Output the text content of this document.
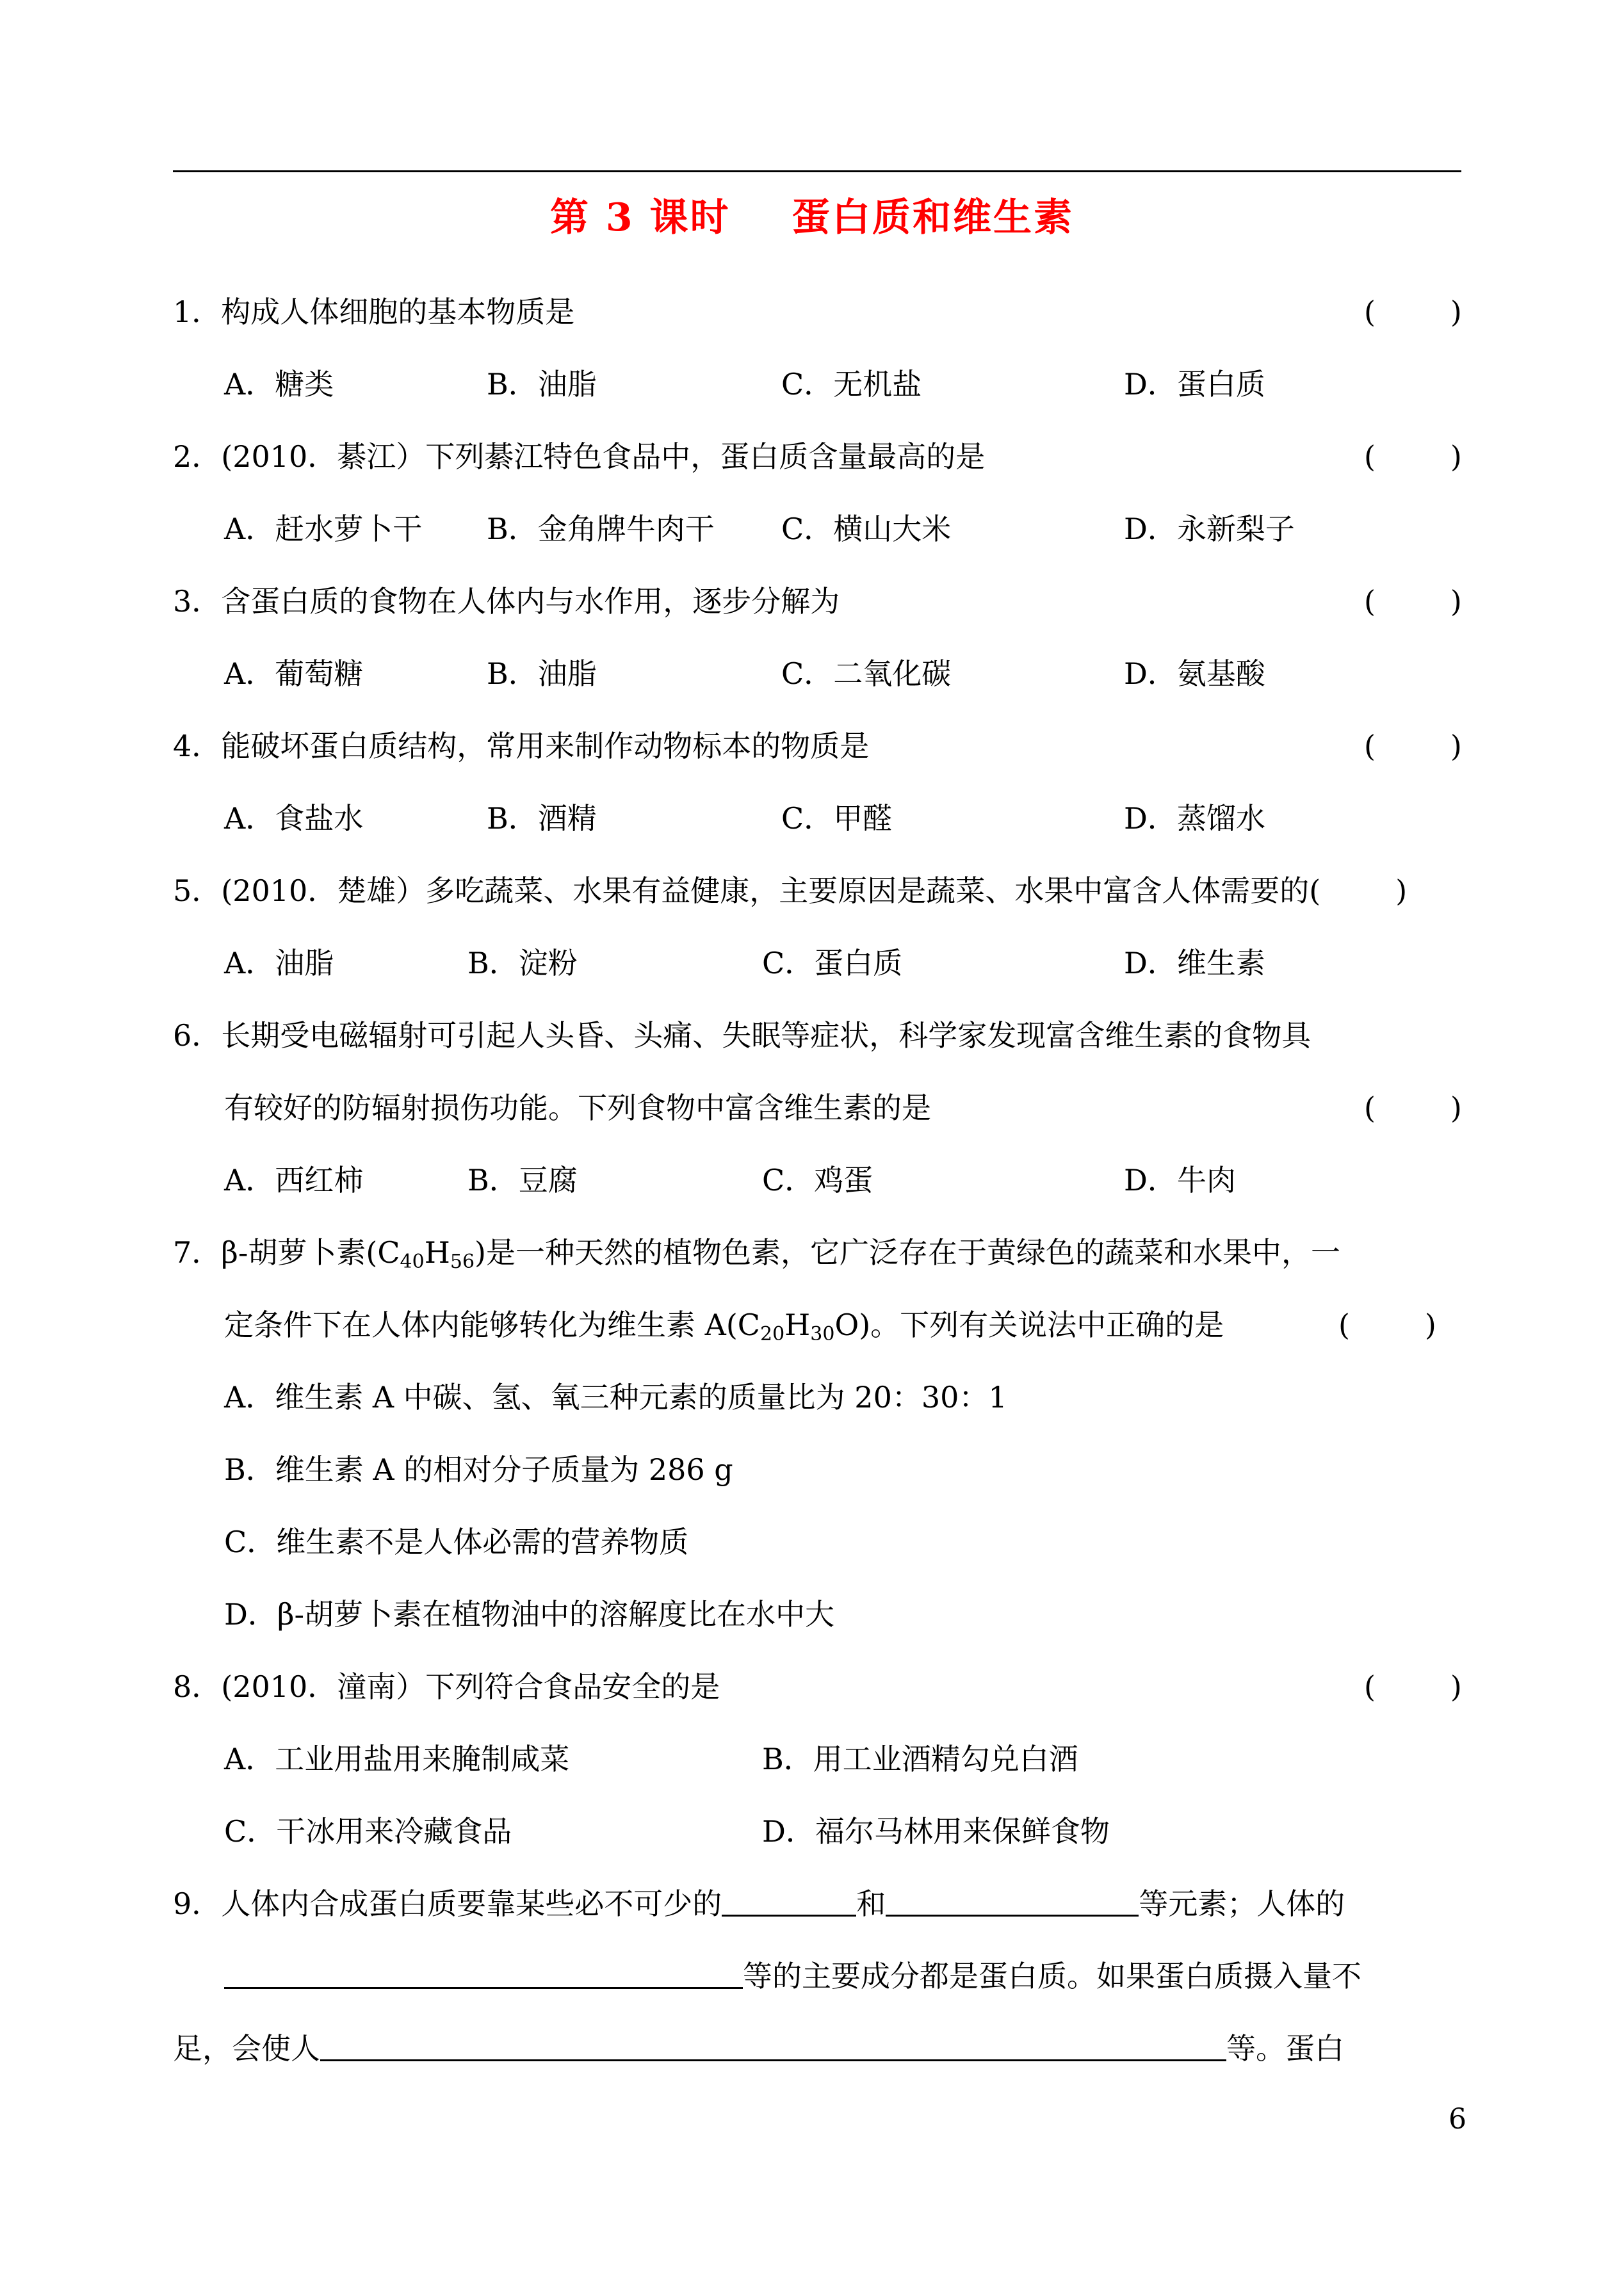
第 3 课时    蛋白质和维生素
1．构成人体细胞的基本物质是	(        )
A．糖类	B．油脂	C．无机盐	D．蛋白质
2．(2010．綦江）下列綦江特色食品中，蛋白质含量最高的是	(        )
A．赶水萝卜干 B．金角牌牛肉干 C．横山大米	D．永新梨子
3．含蛋白质的食物在人体内与水作用，逐步分解为	(        )
A．葡萄糖	B．油脂	C．二氧化碳	D．氨基酸
4．能破坏蛋白质结构，常用来制作动物标本的物质是	(        )
A．食盐水	B．酒精	C．甲醛	D．蒸馏水
5．(2010．楚雄）多吃蔬菜、水果有益健康，主要原因是蔬菜、水果中富含人体需要的(        )
A．油脂	B．淀粉	C．蛋白质	D．维生素
6．长期受电磁辐射可引起人头昏、头痛、失眠等症状，科学家发现富含维生素的食物具
有较好的防辐射损伤功能。下列食物中富含维生素的是	(        )
A．西红柿	B．豆腐	C．鸡蛋	D．牛肉
7．β-胡萝卜素$(C_{40}H_{56})$是一种天然的植物色素，它广泛存在于黄绿色的蔬菜和水果中，一
定条件下在人体内能够转化为维生素 $A(C_{20}H_{30}O)$。下列有关说法中正确的是	(        )
A．维生素 A 中碳、氢、氧三种元素的质量比为 20：30：1
B．维生素 A 的相对分子质量为 286 g
C．维生素不是人体必需的营养物质
D．β-胡萝卜素在植物油中的溶解度比在水中大
8．(2010．潼南）下列符合食品安全的是	(        )
A．工业用盐用来腌制咸菜	B．用工业酒精勾兑白酒
C．干冰用来冷藏食品	D．福尔马林用来保鲜食物
9．人体内合成蛋白质要靠某些必不可少的	和	等元素；人体的
等的主要成分都是蛋白质。如果蛋白质摄入量不
足，会使人	等。蛋白
6
